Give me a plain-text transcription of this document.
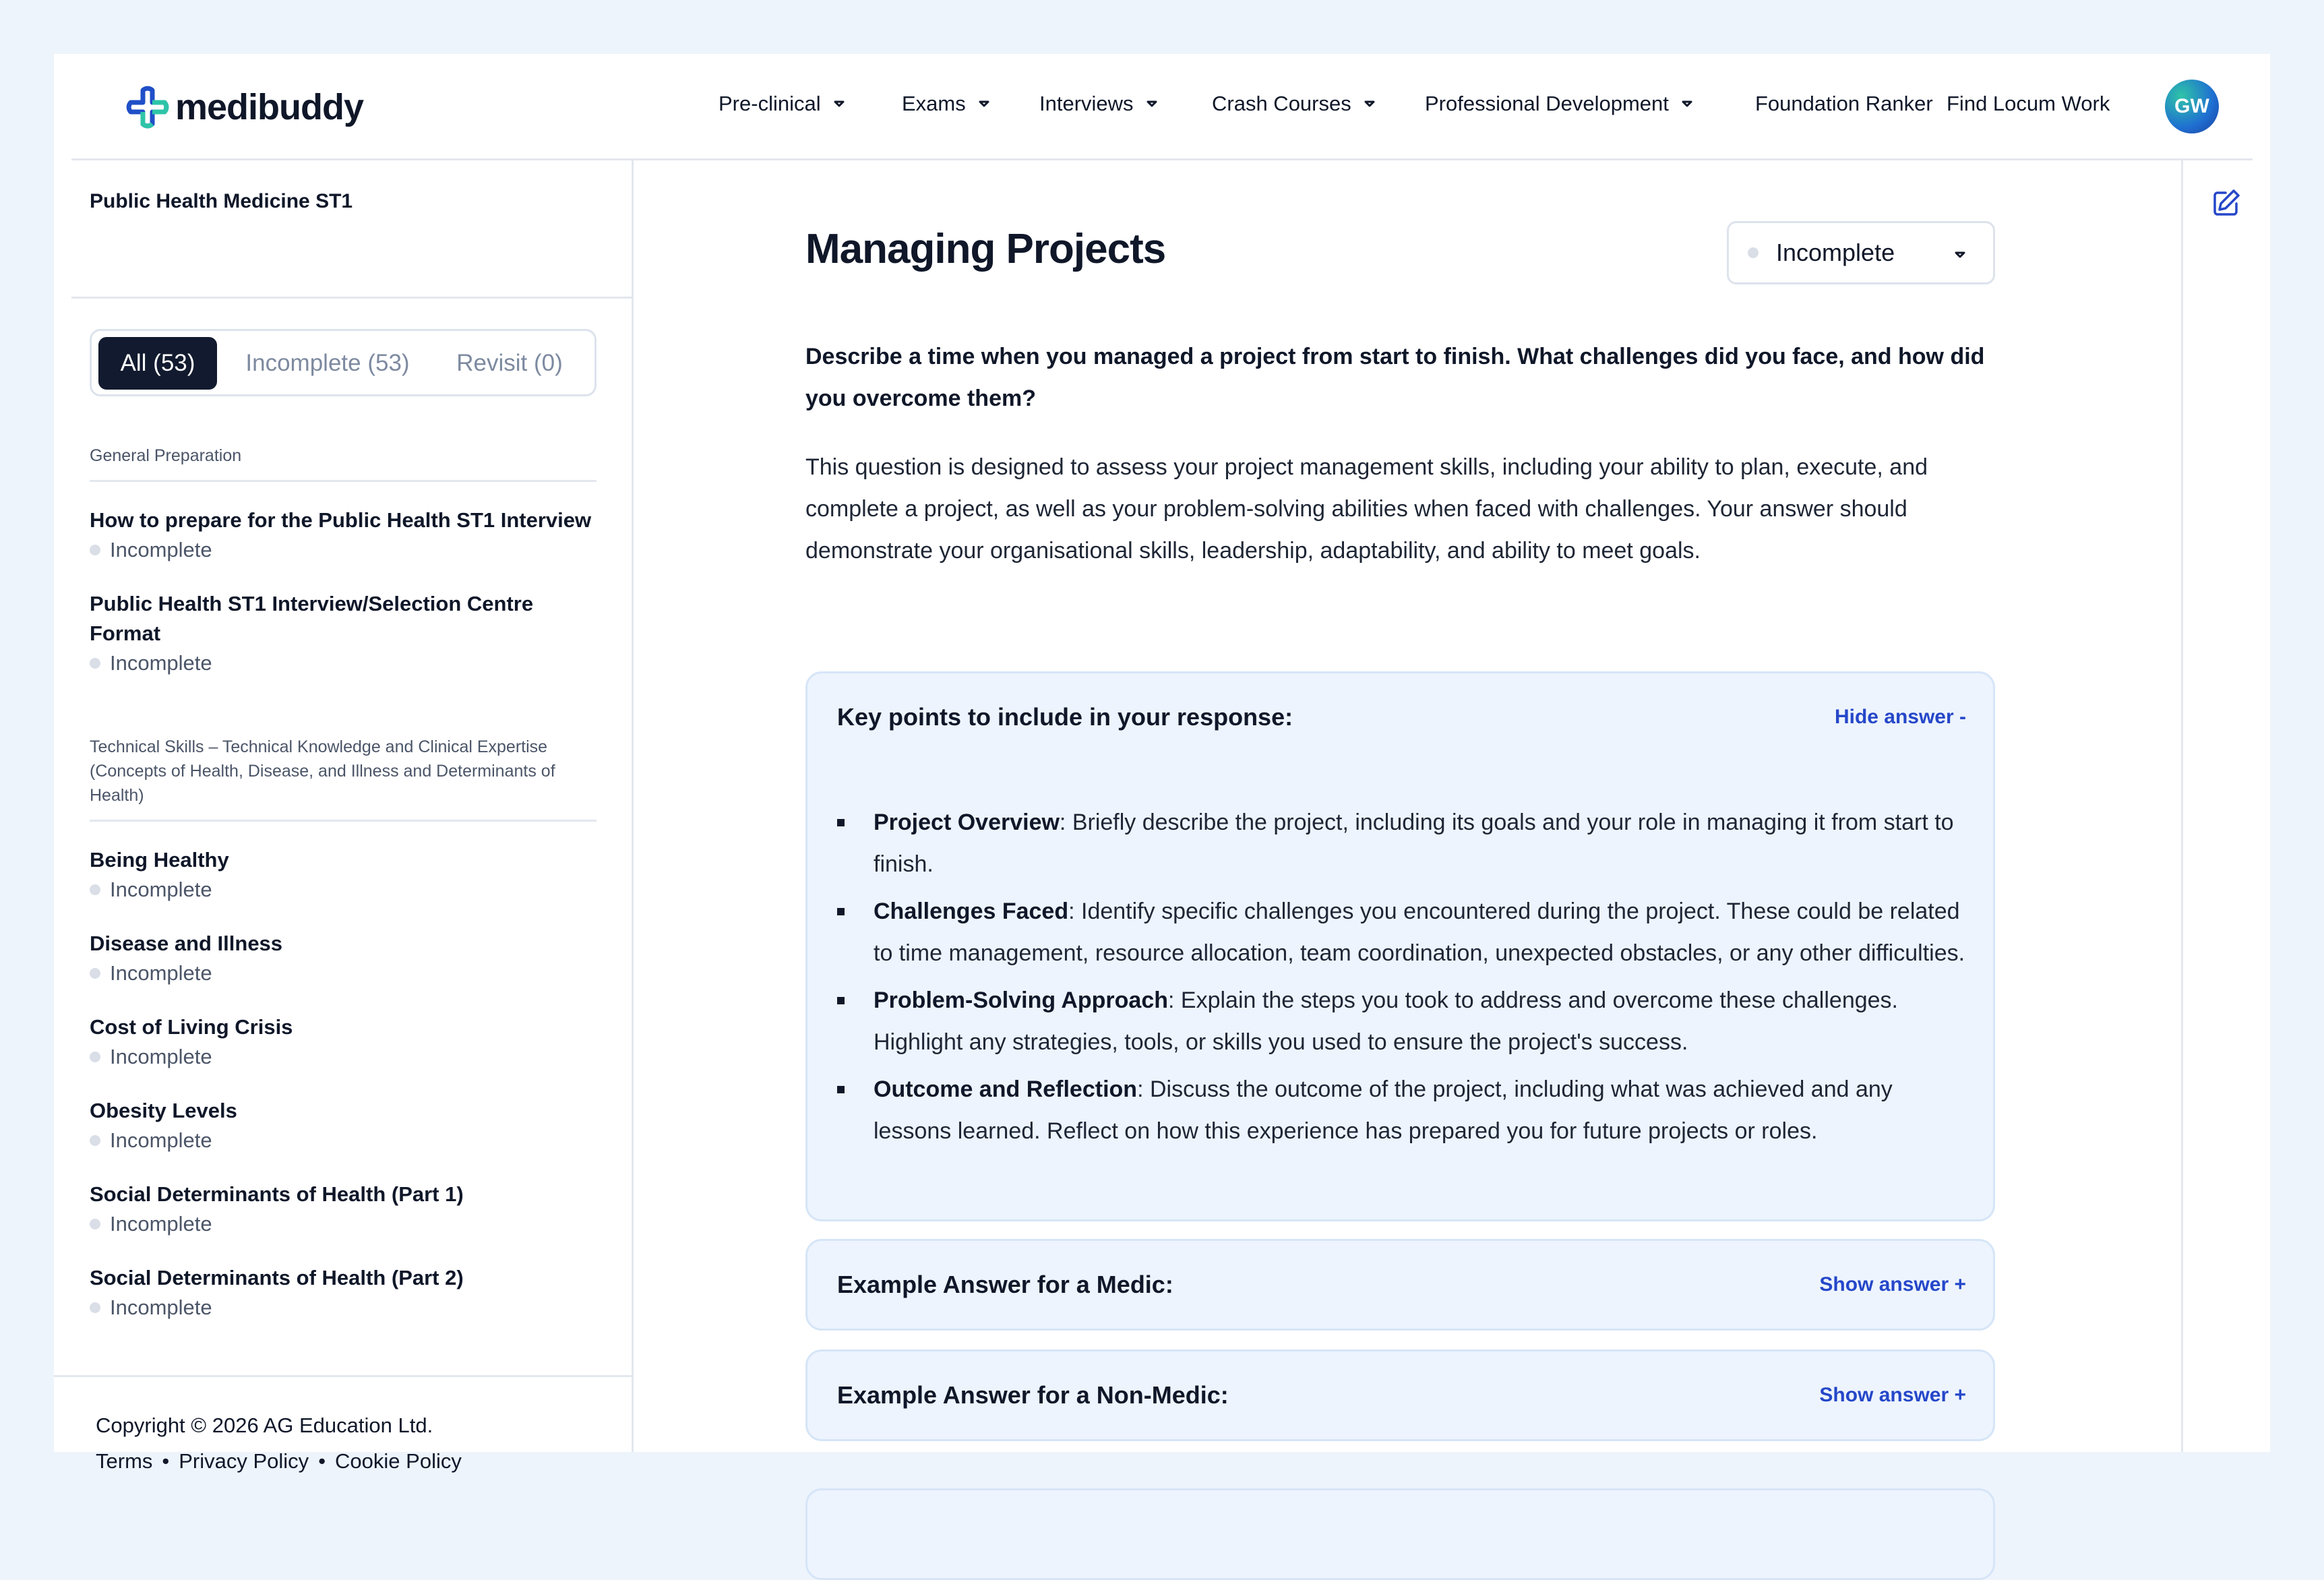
medibuddy	Pre-clinical	Exams	Interviews	Crash Courses	Professional Development	Foundation Ranker Find Locum Work	GW
Public Health Medicine ST1
All (53)	Incomplete (53)	Revisit (0)
General Preparation
How to prepare for the Public Health ST1 Interview
Incomplete
Public Health ST1 Interview/Selection Centre Format
Incomplete
Technical Skills – Technical Knowledge and Clinical Expertise (Concepts of Health, Disease, and Illness and Determinants of Health)
Being Healthy
Incomplete
Disease and Illness
Incomplete
Cost of Living Crisis
Incomplete
Obesity Levels
Incomplete
Social Determinants of Health (Part 1)
Incomplete
Social Determinants of Health (Part 2)
Incomplete
Copyright © 2026 AG Education Ltd.
Terms • Privacy Policy • Cookie Policy
Managing Projects	Incomplete
Describe a time when you managed a project from start to finish. What challenges did you face, and how did you overcome them?
This question is designed to assess your project management skills, including your ability to plan, execute, and complete a project, as well as your problem-solving abilities when faced with challenges. Your answer should demonstrate your organisational skills, leadership, adaptability, and ability to meet goals.
Key points to include in your response:	Hide answer -
Project Overview: Briefly describe the project, including its goals and your role in managing it from start to finish.
Challenges Faced: Identify specific challenges you encountered during the project. These could be related to time management, resource allocation, team coordination, unexpected obstacles, or any other difficulties.
Problem-Solving Approach: Explain the steps you took to address and overcome these challenges. Highlight any strategies, tools, or skills you used to ensure the project's success.
Outcome and Reflection: Discuss the outcome of the project, including what was achieved and any lessons learned. Reflect on how this experience has prepared you for future projects or roles.
Example Answer for a Medic:	Show answer +
Example Answer for a Non-Medic:	Show answer +
